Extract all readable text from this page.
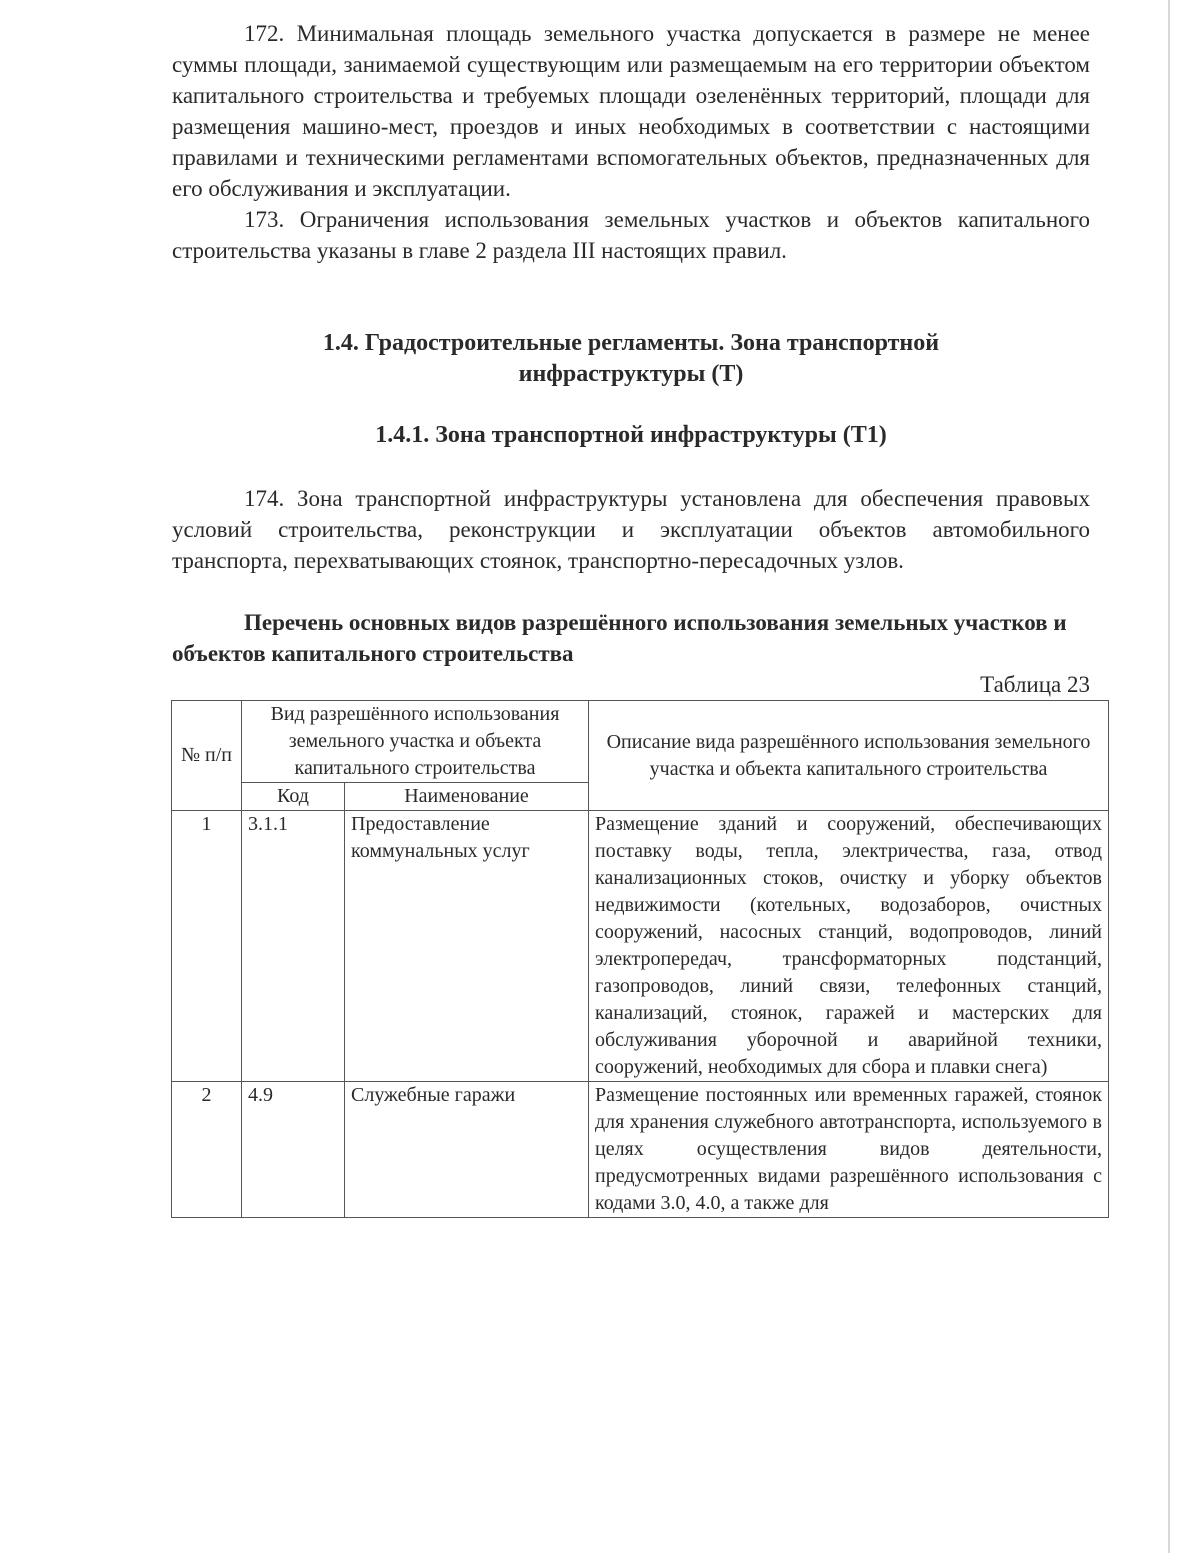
172. Минимальная площадь земельного участка допускается в размере не менее суммы площади, занимаемой существующим или размещаемым на его территории объектом капитального строительства и требуемых площади озеленённых территорий, площади для размещения машино-мест, проездов и иных необходимых в соответствии с настоящими правилами и техническими регламентами вспомогательных объектов, предназначенных для его обслуживания и эксплуатации.

173. Ограничения использования земельных участков и объектов капитального строительства указаны в главе 2 раздела III настоящих правил.

1.4. Градостроительные регламенты. Зона транспортной
инфраструктуры (Т)

1.4.1. Зона транспортной инфраструктуры (Т1)

174. Зона транспортной инфраструктуры установлена для обеспечения правовых условий строительства, реконструкции и эксплуатации объектов автомобильного транспорта, перехватывающих стоянок, транспортно-пересадочных узлов.

Перечень основных видов разрешённого использования земельных участков и объектов капитального строительства

Таблица 23

№ п/п	Вид разрешённого использования земельного участка и объекта капитального строительства		Описание вида разрешённого использования земельного участка и объекта капитального строительства
	Код	Наименование	
1	3.1.1	Предоставление коммунальных услуг	Размещение зданий и сооружений, обеспечивающих поставку воды, тепла, электричества, газа, отвод канализационных стоков, очистку и уборку объектов недвижимости (котельных, водозаборов, очистных сооружений, насосных станций, водопроводов, линий электропередач, трансформаторных подстанций, газопроводов, линий связи, телефонных станций, канализаций, стоянок, гаражей и мастерских для обслуживания уборочной и аварийной техники, сооружений, необходимых для сбора и плавки снега)
2	4.9	Служебные гаражи	Размещение постоянных или временных гаражей, стоянок для хранения служебного автотранспорта, используемого в целях осуществления видов деятельности, предусмотренных видами разрешённого использования с кодами 3.0, 4.0, а также для
